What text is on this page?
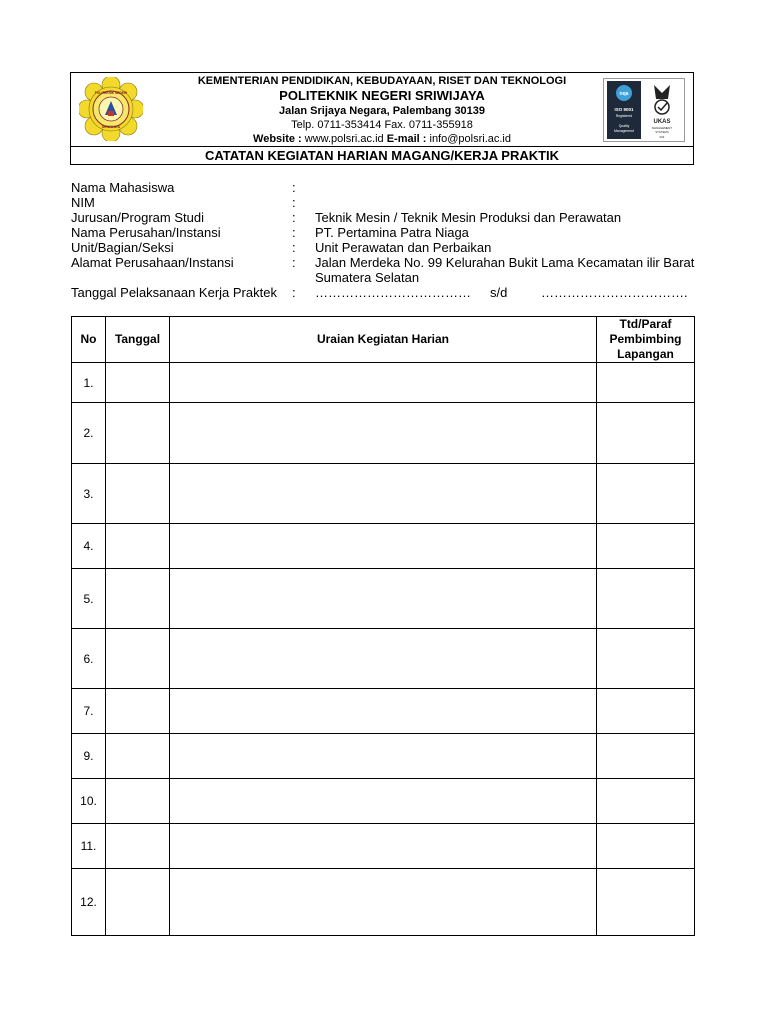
POLITEKNIK NEGERI
SRIWIJAYA
KEMENTERIAN PENDIDIKAN, KEBUDAYAAN, RISET DAN TEKNOLOGI
POLITEKNIK NEGERI SRIWIJAYA
Jalan Srijaya Negara, Palembang 30139
Telp. 0711-353414 Fax. 0711-355918
Website : www.polsri.ac.id E-mail : info@polsri.ac.id
nqa
ISO 9001
Registered
Quality
Management
UKAS
MANAGEMENT
SYSTEMS
003
CATATAN KEGIATAN HARIAN MAGANG/KERJA PRAKTIK
Nama Mahasiswa	:
NIM	:
Jurusan/Program Studi	: Teknik Mesin / Teknik Mesin Produksi dan Perawatan
Nama Perusahan/Instansi	: PT. Pertamina Patra Niaga
Unit/Bagian/Seksi	: Unit Perawatan dan Perbaikan
Alamat Perusahaan/Instansi	: Jalan Merdeka No. 99 Kelurahan Bukit Lama Kecamatan ilir Barat
Sumatera Selatan
Tanggal Pelaksanaan Kerja Praktek : ……………………………… s/d	…………………………….

No	Tanggal	Uraian Kegiatan Harian	Ttd/Paraf Pembimbing Lapangan
1.			
2.			
3.			
4.			
5.			
6.			
7.			
9.			
10.			
11.			
12.			
